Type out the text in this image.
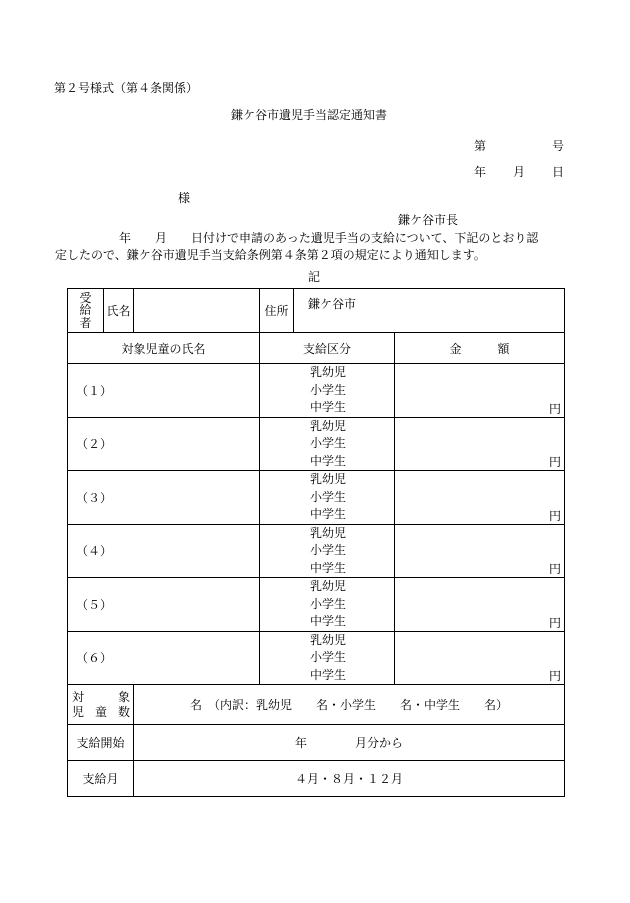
第２号様式（第４条関係）
鎌ケ谷市遺児手当認定通知書
第	号
年 月 日
様
鎌ケ谷市長
年　　月　　日付けで申請のあった遺児手当の支給について、下記のとおり認
定したので、鎌ケ谷市遺児手当支給条例第４条第２項の規定により通知します。
記
受給者	氏名		住所	鎌ケ谷市	
対象児童の氏名			支給区分		金　　　額
（１）			乳幼児
小学生
中学生		円

（２）			乳幼児
小学生
中学生		円

（３）			乳幼児
小学生
中学生		円

（４）			乳幼児
小学生
中学生		円

（５）			乳幼児
小学生
中学生		円

（６）			乳幼児
小学生
中学生		円

対 象
児 童 数		名　（内訳：乳幼児　　名・小学生　　名・中学生　　名）			
支給開始		年　　　　月分から			
支給月		４月・８月・１２月			
